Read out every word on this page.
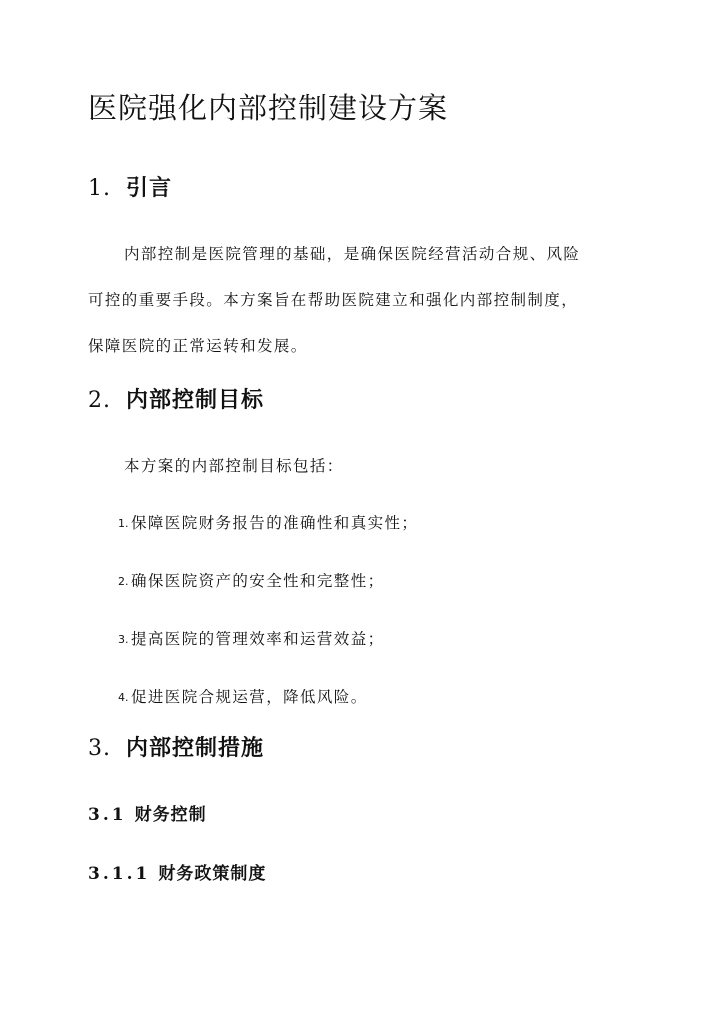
医院强化内部控制建设方案
1. 引言
内部控制是医院管理的基础，是确保医院经营活动合规、风险
可控的重要手段。本方案旨在帮助医院建立和强化内部控制制度，
保障医院的正常运转和发展。
2. 内部控制目标
本方案的内部控制目标包括：
1. 保障医院财务报告的准确性和真实性；
2. 确保医院资产的安全性和完整性；
3. 提高医院的管理效率和运营效益；
4. 促进医院合规运营，降低风险。
3. 内部控制措施
3.1 财务控制
3.1.1 财务政策制度
